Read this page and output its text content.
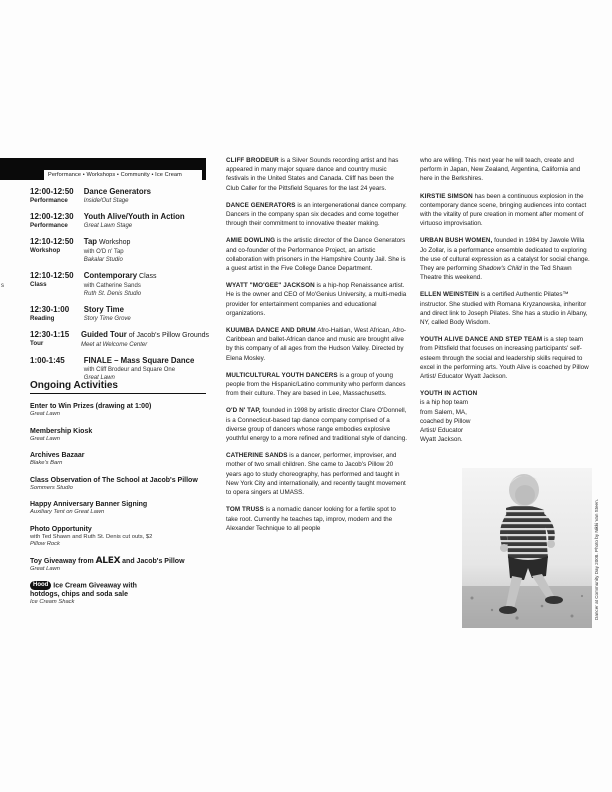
s
Performance • Workshops • Community • Ice Cream
12:00-12:50
Performance
Dance Generators
Inside/Out Stage
12:00-12:30
Performance
Youth Alive/Youth in Action
Great Lawn Stage
12:10-12:50
Workshop
Tap Workshop
with O'D n' Tap
Bakalar Studio
12:10-12:50
Class
Contemporary Class
with Catherine Sands
Ruth St. Denis Studio
12:30-1:00
Reading
Story Time
Story Time Grove
12:30-1:15
Tour
Guided Tour of Jacob's Pillow Grounds
Meet at Welcome Center
1:00-1:45	FINALE – Mass Square Dance
with Cliff Brodeur and Square One
Great Lawn
Ongoing Activities
Enter to Win Prizes (drawing at 1:00)
Great Lawn
Membership Kiosk
Great Lawn
Archives Bazaar
Blake's Barn
Class Observation of The School at Jacob's Pillow
Sommers Studio
Happy Anniversary Banner Signing
Auxiliary Tent on Great Lawn
Photo Opportunity
with Ted Shawn and Ruth St. Denis cut outs, $2
Pillow Rock
Toy Giveaway from ALEX and Jacob's Pillow
Great Lawn
Hood Ice Cream Giveaway with
hotdogs, chips and soda sale
Ice Cream Shack

CLIFF BRODEUR is a Silver Sounds recording artist and has appeared in many major square dance and country music festivals in the United States and Canada. Cliff has been the Club Caller for the Pittsfield Squares for the last 24 years.

DANCE GENERATORS is an intergenerational dance company. Dancers in the company span six decades and come together through their commitment to innovative theater making.

AMIE DOWLING is the artistic director of the Dance Generators and co-founder of the Performance Project, an artistic collaboration with prisoners in the Hampshire County Jail. She is a guest artist in the Five College Dance Department.

WYATT "MO'GEE" JACKSON is a hip-hop Renaissance artist. He is the owner and CEO of Mo'Genius University, a multi-media provider for entertainment companies and educational organizations.

KUUMBA DANCE AND DRUM Afro-Haitian, West African, Afro-Caribbean and ballet-African dance and music are brought alive by this company of all ages from the Hudson Valley. Directed by Elena Mosley.

MULTICULTURAL YOUTH DANCERS is a group of young people from the Hispanic/Latino community who perform dances from their culture. They are based in Lee, Massachusetts.

O'D N' TAP, founded in 1998 by artistic director Clare O'Donnell, is a Connecticut-based tap dance company comprised of a diverse group of dancers whose range embodies explosive youthful energy to a more refined and traditional style of dancing.

CATHERINE SANDS is a dancer, performer, improviser, and mother of two small children. She came to Jacob's Pillow 20 years ago to study choreography, has performed and taught in New York City and internationally, and recently taught movement to opera singers at UMASS.

TOM TRUSS is a nomadic dancer looking for a fertile spot to take root. Currently he teaches tap, improv, modern and the Alexander Technique to all people

who are willing. This next year he will teach, create and perform in Japan, New Zealand, Argentina, California and here in the Berkshires.

KIRSTIE SIMSON has been a continuous explosion in the contemporary dance scene, bringing audiences into contact with the vitality of pure creation in moment after moment of virtuoso improvisation.

URBAN BUSH WOMEN, founded in 1984 by Jawole Willa Jo Zollar, is a performance ensemble dedicated to exploring the use of cultural expression as a catalyst for social change. They are performing Shadow's Child in the Ted Shawn Theatre this weekend.

ELLEN WEINSTEIN is a certified Authentic Pilates™ instructor. She studied with Romana Kryzanowska, inheritor and direct link to Joseph Pilates. She has a studio in Albany, NY, called Body Wisdom.

YOUTH ALIVE DANCE AND STEP TEAM is a step team from Pittsfield that focuses on increasing participants' self-esteem through the social and leadership skills required to excel in the performing arts. Youth Alive is coached by Pillow Artist/ Educator Wyatt Jackson.

YOUTH IN ACTION is a hip hop team from Salem, MA, coached by Pillow Artist/ Educator Wyatt Jackson.

Dancer at Community Day 2008. Photo by Nikki Van Steen.
